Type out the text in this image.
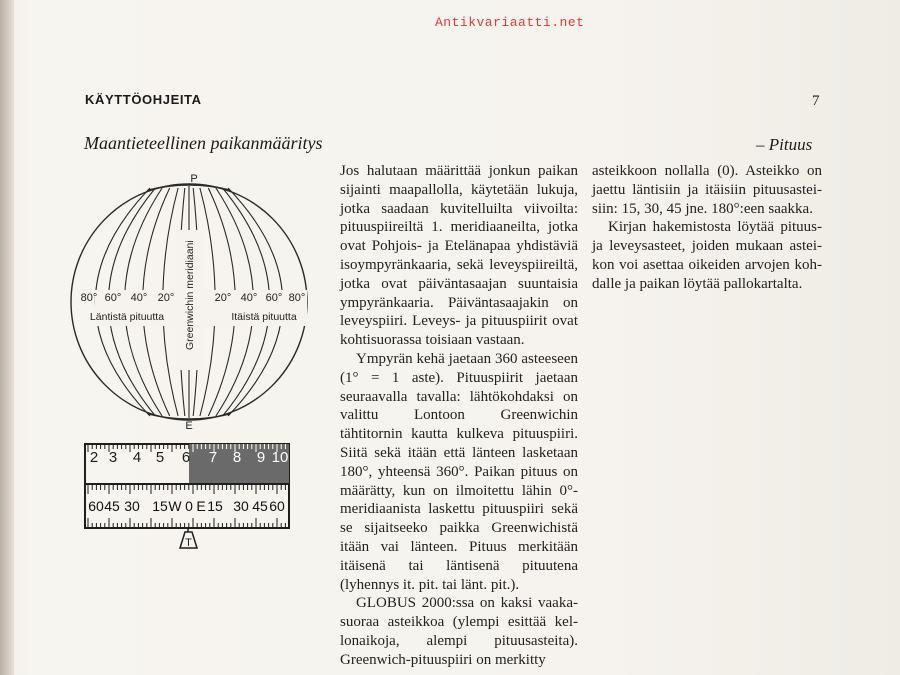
Antikvariaatti.net
KÄYTTÖOHJEITA	7
Maantieteellinen paikanmääritys	– Pituus
P
E
Greenwichin meridiaani
80° 60° 40° 20°	20° 40° 60° 80°
Läntistä pituutta	Itäistä pituutta
2 3 4 5 6 7 8 9 10
60 45 30 15 W 0 E 15 30 45 60
T

Jos halutaan määrittää jonkun paikan sijainti maapallolla, käytetään lukuja, jotka saadaan kuvitelluilta viivoilta: pituuspiireiltä 1. meridiaaneilta, jotka ovat Pohjois- ja Etelänapaa yhdistäviä isoympyränkaaria, sekä leveyspiireiltä, jotka ovat päiväntasaajan suuntaisia ympyränkaaria. Päiväntasaajakin on leveyspiiri. Leveys- ja pituuspiirit ovat kohtisuorassa toisiaan vastaan.

Ympyrän kehä jaetaan 360 asteeseen (1° = 1 aste). Pituuspiirit jaetaan seuraavalla tavalla: lähtökohdaksi on valittu Lontoon Greenwichin tähtitornin kautta kulkeva pituuspiiri. Siitä sekä itään että länteen lasketaan 180°, yhteensä 360°. Paikan pituus on määrätty, kun on ilmoitettu lähin 0°-meridiaanista laskettu pituuspiiri sekä se sijaitseeko paikka Greenwichistä itään vai länteen. Pituus merkitään itäisenä tai läntisenä pituutena (lyhennys it. pit. tai länt. pit.).

GLOBUS 2000:ssa on kaksi vaakasuoraa asteikkoa (ylempi esittää kellonaikoja, alempi pituusasteita). Greenwich-pituuspiiri on merkitty

asteikkoon nollalla (0). Asteikko on jaettu läntisiin ja itäisiin pituusasteisiin: 15, 30, 45 jne. 180°:een saakka.

Kirjan hakemistosta löytää pituus- ja leveysasteet, joiden mukaan asteikon voi asettaa oikeiden arvojen kohdalle ja paikan löytää pallokartalta.
